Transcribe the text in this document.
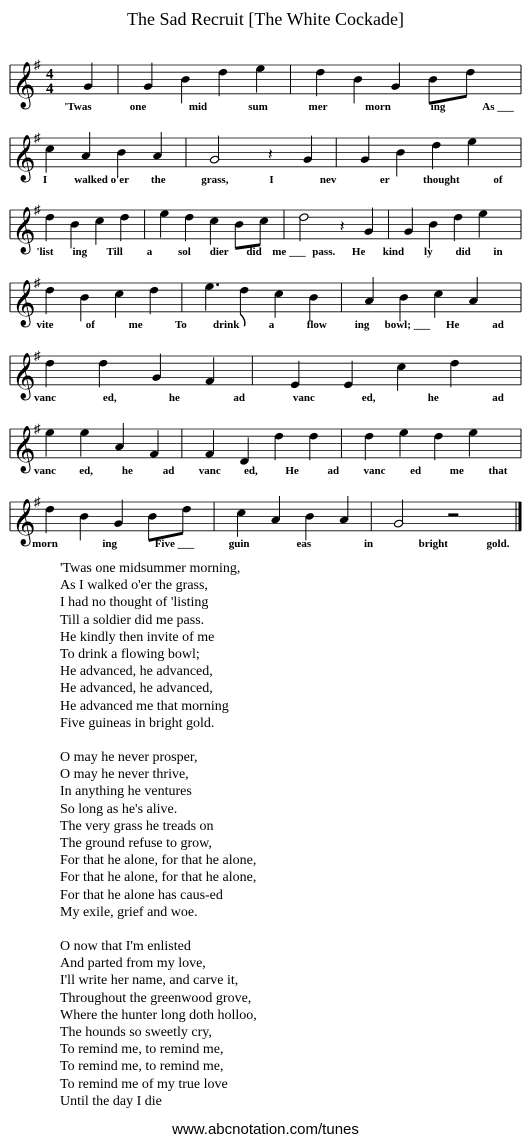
The Sad Recruit [The White Cockade]
𝄞
♯
4
4
'Twas	one	mid	sum	mer	morn	ing	As ___
𝄞
♯
𝄽
I walked o'er the	grass,	I	nev	er	thought	of
𝄞
♯
𝄽
'list ing Till a sol dier did me ___ pass. He kind ly did in
𝄞
♯
vite	of	me	To drink	a	flow	ing bowl; ___ He	ad
𝄞
♯
vanc	ed,	he	ad	vanc	ed,	he	ad
𝄞
♯
vanc ed,	he	ad vanc ed,	He	ad vanc ed	me that
𝄞
♯
morn	ing	Five ___	guin	eas	in	bright	gold.
'Twas one midsummer morning,
As I walked o'er the grass,
I had no thought of 'listing
Till a soldier did me pass.
He kindly then invite of me
To drink a flowing bowl;
He advanced, he advanced,
He advanced, he advanced,
He advanced me that morning
Five guineas in bright gold.
O may he never prosper,
O may he never thrive,
In anything he ventures
So long as he's alive.
The very grass he treads on
The ground refuse to grow,
For that he alone, for that he alone,
For that he alone, for that he alone,
For that he alone has caus-ed
My exile, grief and woe.
O now that I'm enlisted
And parted from my love,
I'll write her name, and carve it,
Throughout the greenwood grove,
Where the hunter long doth holloo,
The hounds so sweetly cry,
To remind me, to remind me,
To remind me, to remind me,
To remind me of my true love
Until the day I die
www.abcnotation.com/tunes
